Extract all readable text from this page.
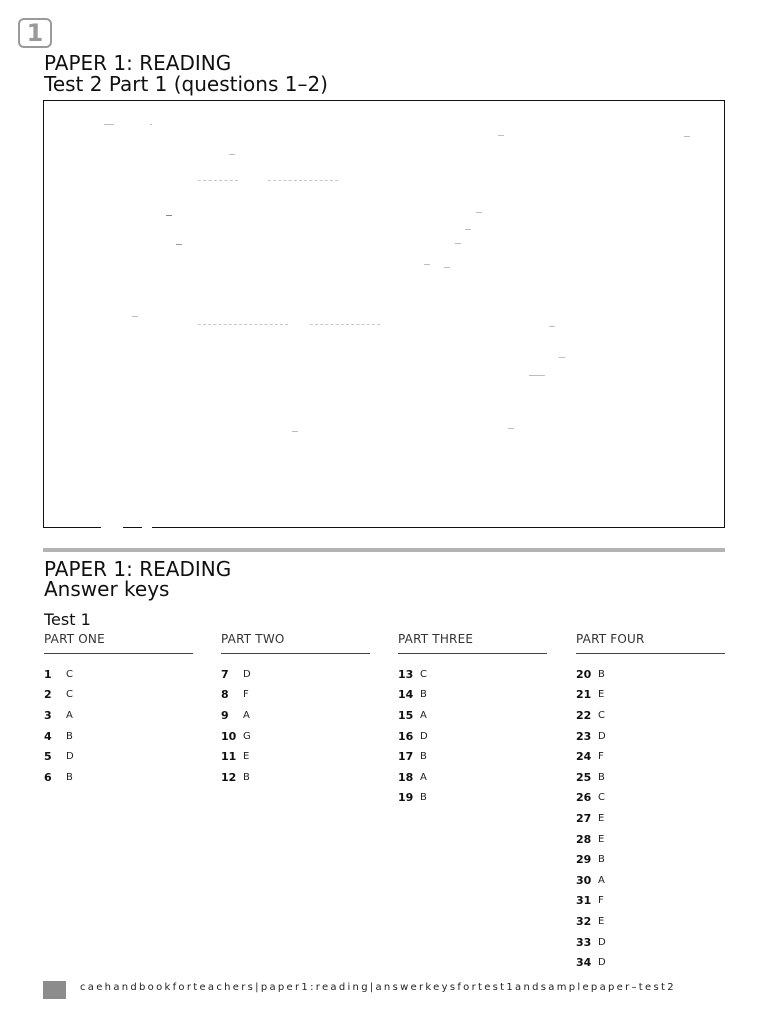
1
PAPER 1: READING
Test 2 Part 1 (questions 1–2)
PAPER 1: READING
Answer keys
Test 1
PART ONE
1	C
2	C
3	A
4	B
5	D
6	B
PART TWO
7	D
8	F
9	A
10 G
11 E
12 B
PART THREE
13 C
14 B
15 A
16 D
17 B
18 A
19 B
PART FOUR
20 B
21 E
22 C
23 D
24 F
25 B
26 C
27 E
28 E
29 B
30 A
31 F
32 E
33 D
34 D
caehandbookforteachers|paper1:reading|answerkeysfortest1andsamplepaper–test2
